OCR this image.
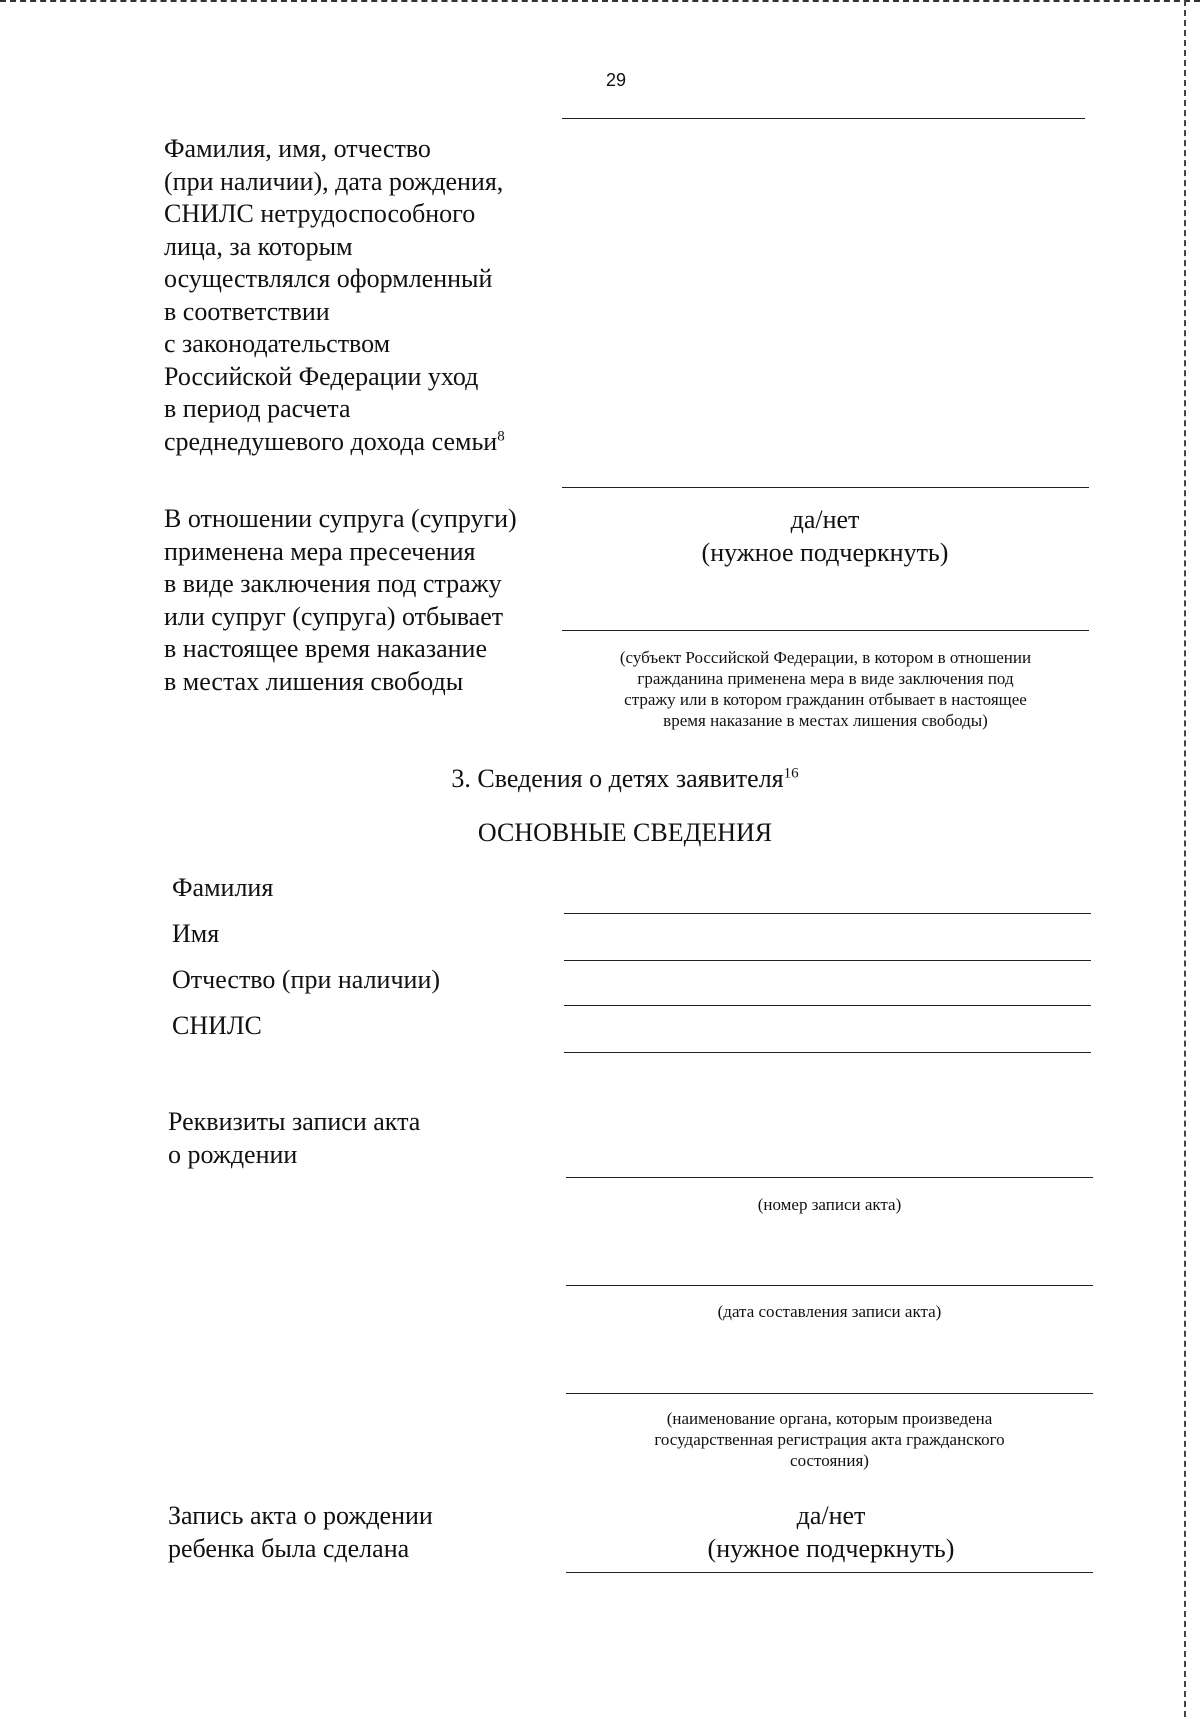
29
Фамилия, имя, отчество
(при наличии), дата рождения,
СНИЛС нетрудоспособного
лица, за которым
осуществлялся оформленный
в соответствии
с законодательством
Российской Федерации уход
в период расчета
среднедушевого дохода семьи$^8$
В отношении супруга (супруги)
применена мера пресечения
в виде заключения под стражу
или супруг (супруга) отбывает
в настоящее время наказание
в местах лишения свободы
да/нет
(нужное подчеркнуть)
(субъект Российской Федерации, в котором в отношении
гражданина применена мера в виде заключения под
стражу или в котором гражданин отбывает в настоящее
время наказание в местах лишения свободы)
3. Сведения о детях заявителя$^{16}$
ОСНОВНЫЕ СВЕДЕНИЯ
Фамилия
Имя
Отчество (при наличии)
СНИЛС
Реквизиты записи акта
о рождении
(номер записи акта)
(дата составления записи акта)
(наименование органа, которым произведена
государственная регистрация акта гражданского
состояния)
Запись акта о рождении
ребенка была сделана
да/нет
(нужное подчеркнуть)
